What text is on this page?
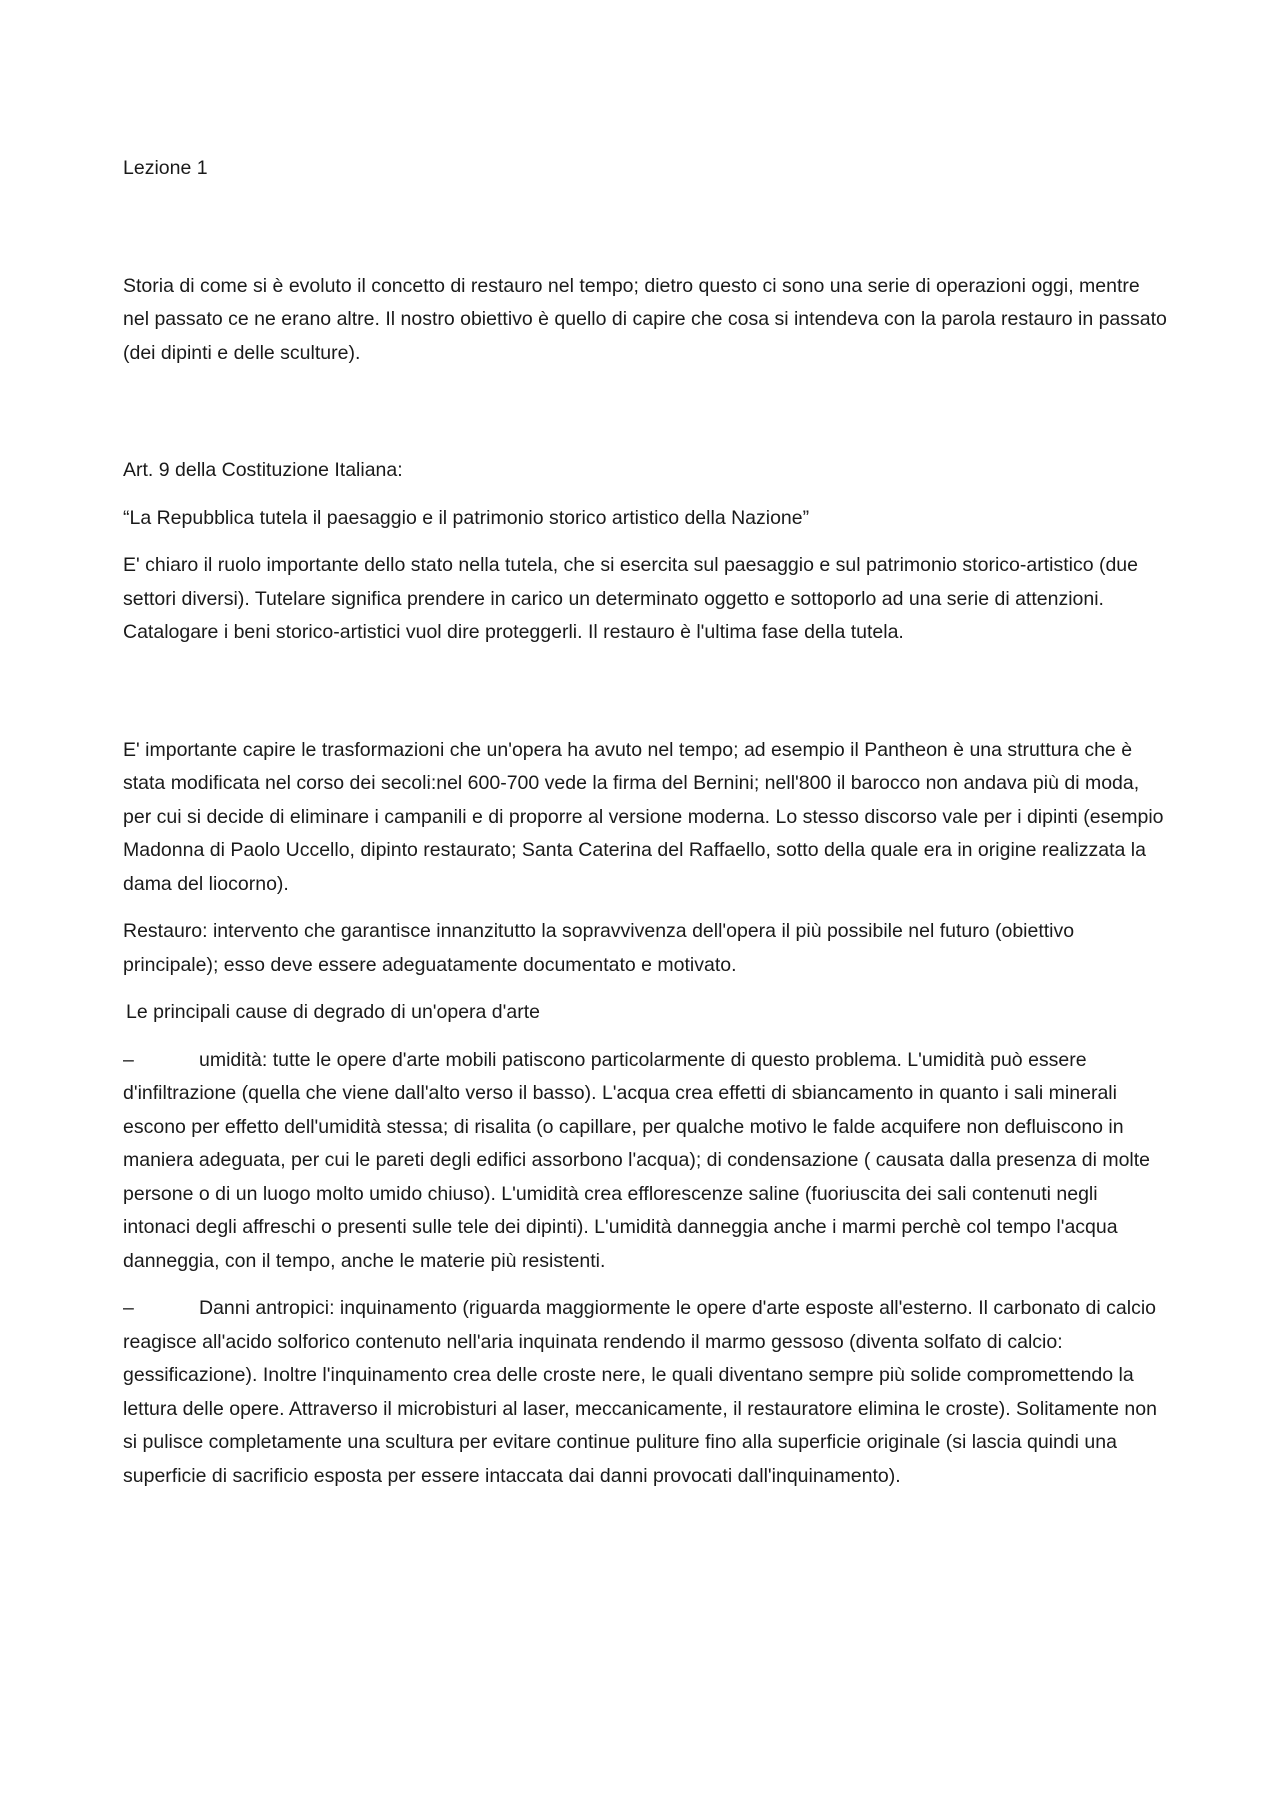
Lezione 1

Storia di come si è evoluto il concetto di restauro nel tempo; dietro questo ci sono una serie di operazioni oggi, mentre nel passato ce ne erano altre. Il nostro obiettivo è quello di capire che cosa si intendeva con la parola restauro in passato (dei dipinti e delle sculture).

Art. 9 della Costituzione Italiana:

“La Repubblica tutela il paesaggio e il patrimonio storico artistico della Nazione”

E' chiaro il ruolo importante dello stato nella tutela, che si esercita sul paesaggio e sul patrimonio storico-artistico (due settori diversi). Tutelare significa prendere in carico un determinato oggetto e sottoporlo ad una serie di attenzioni. Catalogare i beni storico-artistici vuol dire proteggerli. Il restauro è l'ultima fase della tutela.

E' importante capire le trasformazioni che un'opera ha avuto nel tempo; ad esempio il Pantheon è una struttura che è stata modificata nel corso dei secoli:nel 600-700 vede la firma del Bernini; nell'800 il barocco non andava più di moda, per cui si decide di eliminare i campanili e di proporre al versione moderna. Lo stesso discorso vale per i dipinti (esempio Madonna di Paolo Uccello, dipinto restaurato; Santa Caterina del Raffaello, sotto della quale era in origine realizzata la dama del liocorno).

Restauro: intervento che garantisce innanzitutto la sopravvivenza dell'opera il più possibile nel futuro (obiettivo principale); esso deve essere adeguatamente documentato e motivato.

Le principali cause di degrado di un'opera d'arte

–	umidità: tutte le opere d'arte mobili patiscono particolarmente di questo problema. L'umidità può essere d'infiltrazione (quella che viene dall'alto verso il basso). L'acqua crea effetti di sbiancamento in quanto i sali minerali escono per effetto dell'umidità stessa; di risalita (o capillare, per qualche motivo le falde acquifere non defluiscono in maniera adeguata, per cui le pareti degli edifici assorbono l'acqua); di condensazione ( causata dalla presenza di molte persone o di un luogo molto umido chiuso). L'umidità crea efflorescenze saline (fuoriuscita dei sali contenuti negli intonaci degli affreschi o presenti sulle tele dei dipinti). L'umidità danneggia anche i marmi perchè col tempo l'acqua danneggia, con il tempo, anche le materie più resistenti.

–	Danni antropici: inquinamento (riguarda maggiormente le opere d'arte esposte all'esterno. Il carbonato di calcio reagisce all'acido solforico contenuto nell'aria inquinata rendendo il marmo gessoso (diventa solfato di calcio: gessificazione). Inoltre l'inquinamento crea delle croste nere, le quali diventano sempre più solide compromettendo la lettura delle opere. Attraverso il microbisturi al laser, meccanicamente, il restauratore elimina le croste). Solitamente non si pulisce completamente una scultura per evitare continue puliture fino alla superficie originale (si lascia quindi una superficie di sacrificio esposta per essere intaccata dai danni provocati dall'inquinamento).
